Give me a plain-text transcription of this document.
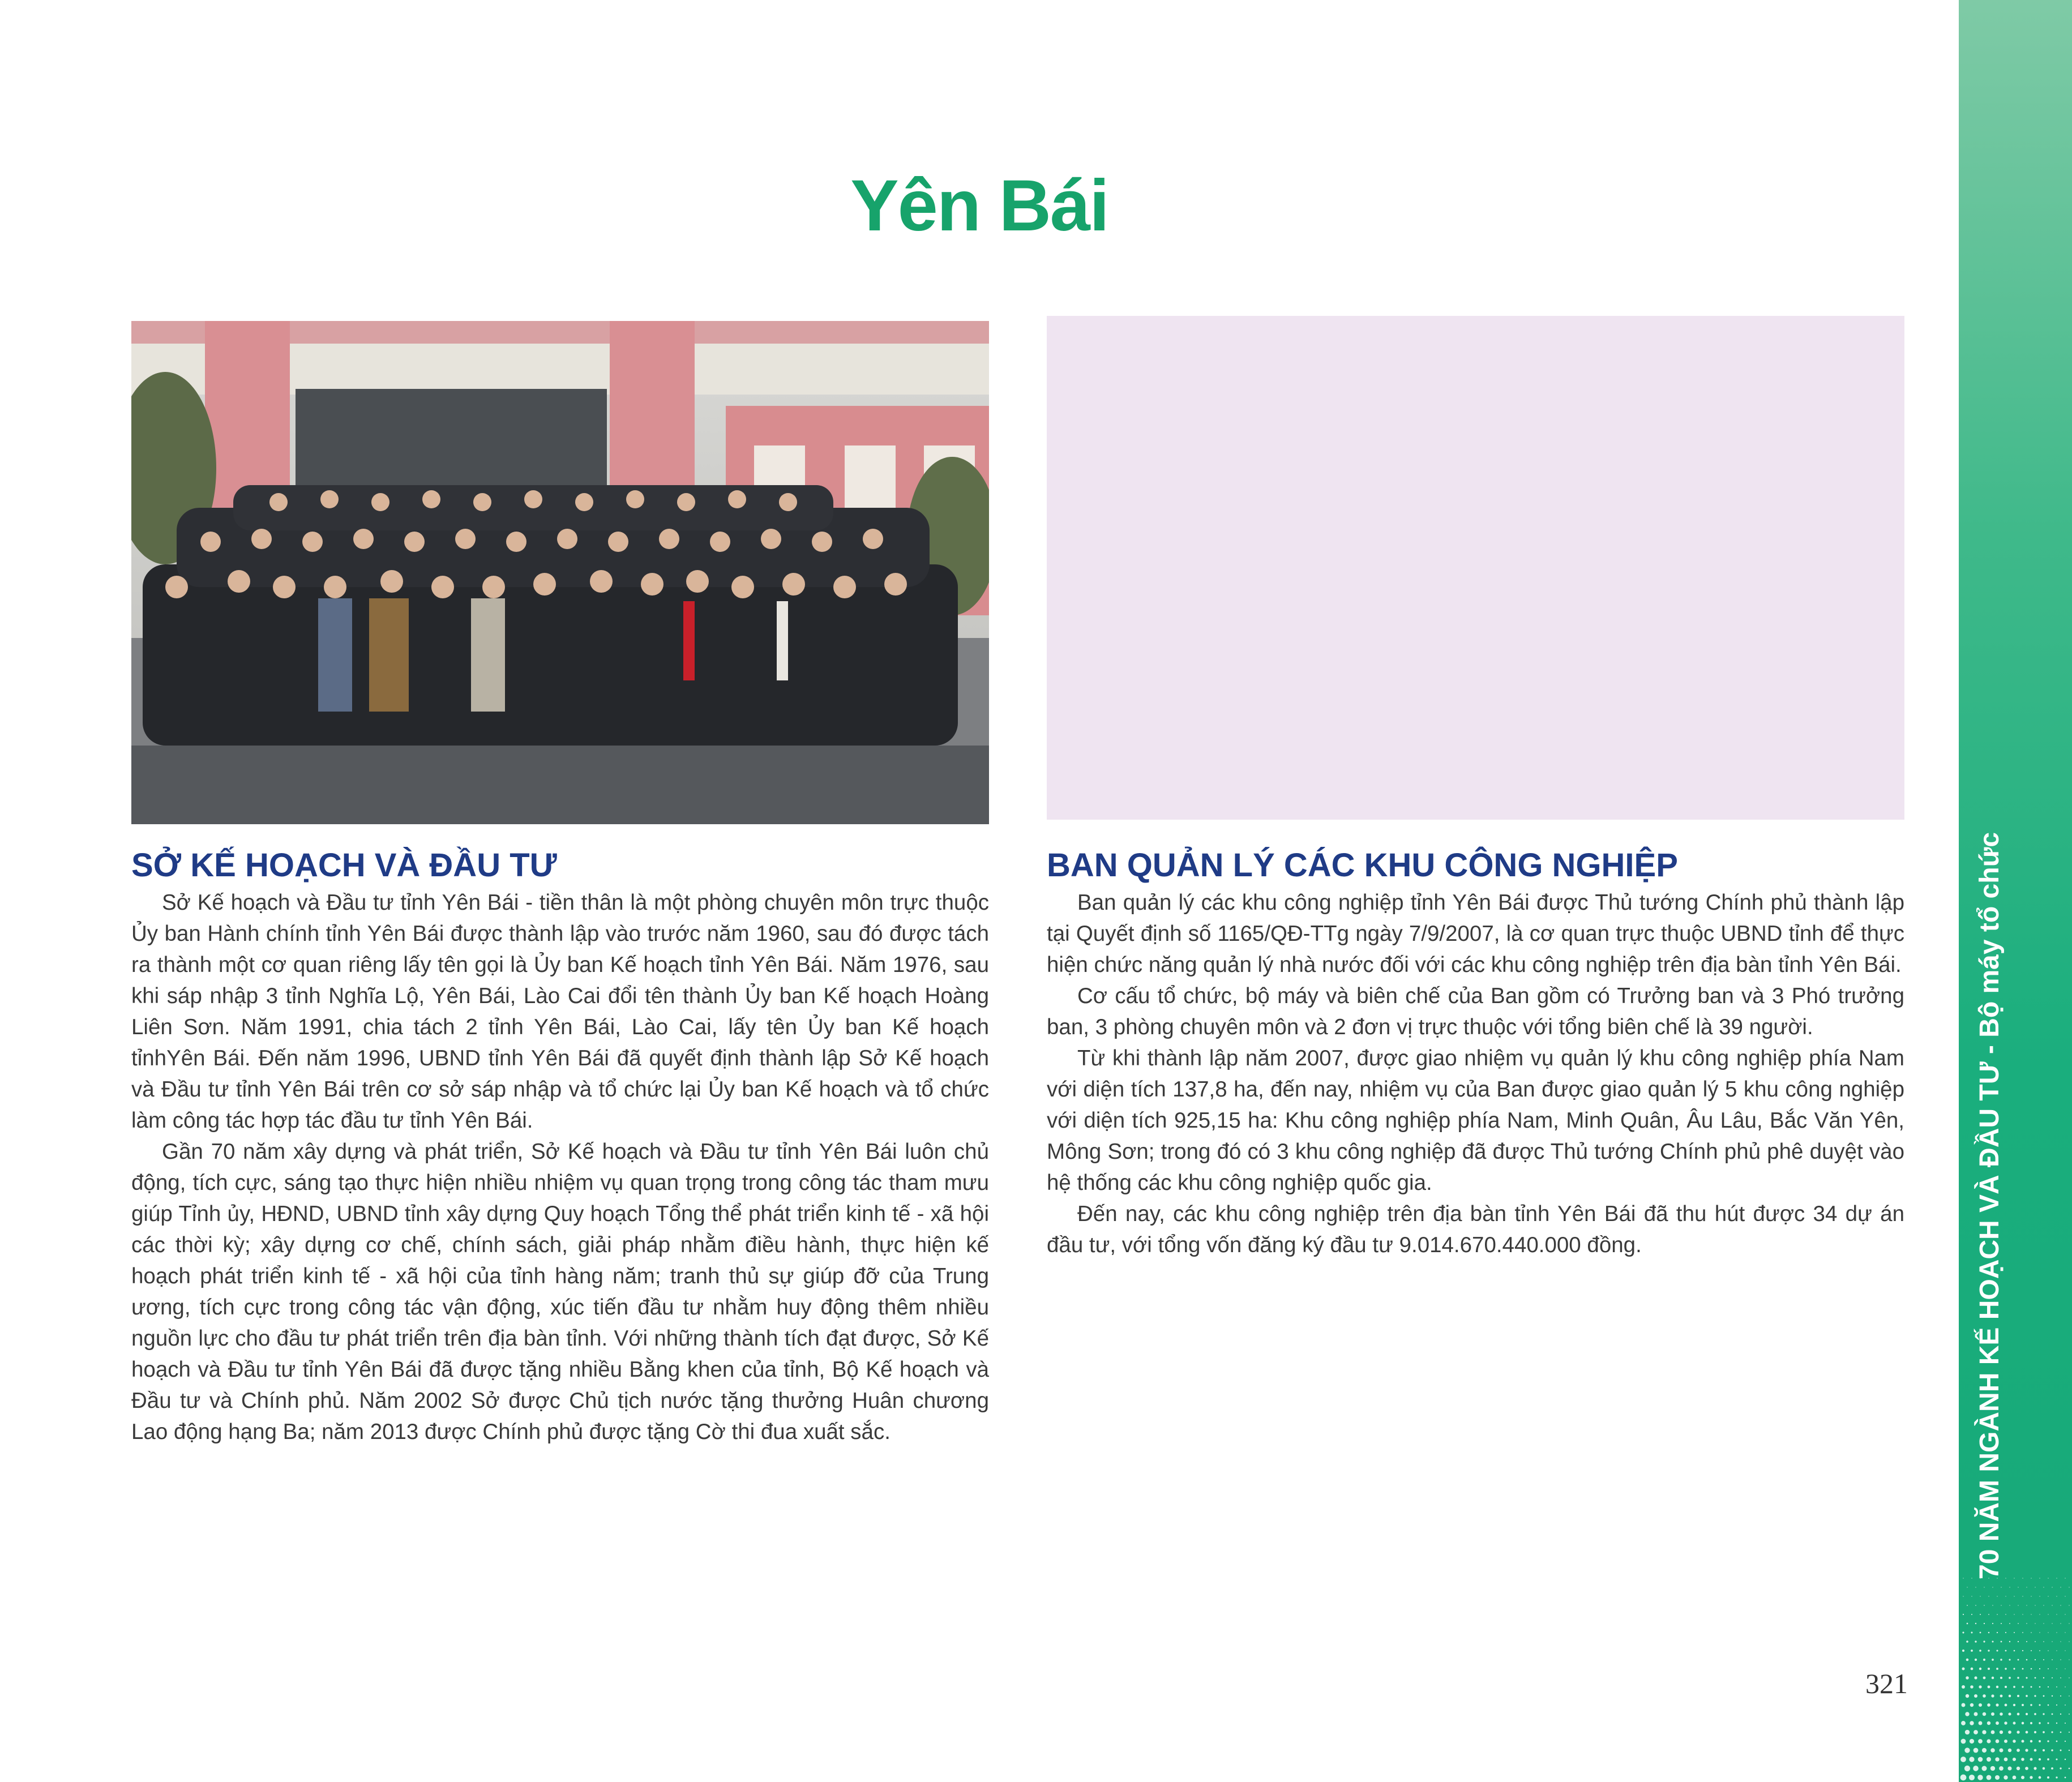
Yên Bái
SỞ KẾ HOẠCH VÀ ĐẦU TƯ	BAN QUẢN LÝ CÁC KHU CÔNG NGHIỆP

Sở Kế hoạch và Đầu tư tỉnh Yên Bái - tiền thân là một phòng chuyên môn trực thuộc Ủy ban Hành chính tỉnh Yên Bái được thành lập vào trước năm 1960, sau đó được tách ra thành một cơ quan riêng lấy tên gọi là Ủy ban Kế hoạch tỉnh Yên Bái. Năm 1976, sau khi sáp nhập 3 tỉnh Nghĩa Lộ, Yên Bái, Lào Cai đổi tên thành Ủy ban Kế hoạch Hoàng Liên Sơn. Năm 1991, chia tách 2 tỉnh Yên Bái, Lào Cai, lấy tên Ủy ban Kế hoạch tỉnhYên Bái. Đến năm 1996, UBND tỉnh Yên Bái đã quyết định thành lập Sở Kế hoạch và Đầu tư tỉnh Yên Bái trên cơ sở sáp nhập và tổ chức lại Ủy ban Kế hoạch và tổ chức làm công tác hợp tác đầu tư tỉnh Yên Bái.

Gần 70 năm xây dựng và phát triển, Sở Kế hoạch và Đầu tư tỉnh Yên Bái luôn chủ động, tích cực, sáng tạo thực hiện nhiều nhiệm vụ quan trọng trong công tác tham mưu giúp Tỉnh ủy, HĐND, UBND tỉnh xây dựng Quy hoạch Tổng thể phát triển kinh tế - xã hội các thời kỳ; xây dựng cơ chế, chính sách, giải pháp nhằm điều hành, thực hiện kế hoạch phát triển kinh tế - xã hội của tỉnh hàng năm; tranh thủ sự giúp đỡ của Trung ương, tích cực trong công tác vận động, xúc tiến đầu tư nhằm huy động thêm nhiều nguồn lực cho đầu tư phát triển trên địa bàn tỉnh. Với những thành tích đạt được, Sở Kế hoạch và Đầu tư tỉnh Yên Bái đã được tặng nhiều Bằng khen của tỉnh, Bộ Kế hoạch và Đầu tư và Chính phủ. Năm 2002 Sở được Chủ tịch nước tặng thưởng Huân chương Lao động hạng Ba; năm 2013 được Chính phủ được tặng Cờ thi đua xuất sắc.

Ban quản lý các khu công nghiệp tỉnh Yên Bái được Thủ tướng Chính phủ thành lập tại Quyết định số 1165/QĐ-TTg ngày 7/9/2007, là cơ quan trực thuộc UBND tỉnh để thực hiện chức năng quản lý nhà nước đối với các khu công nghiệp trên địa bàn tỉnh Yên Bái.

Cơ cấu tổ chức, bộ máy và biên chế của Ban gồm có Trưởng ban và 3 Phó trưởng ban, 3 phòng chuyên môn và 2 đơn vị trực thuộc với tổng biên chế là 39 người.

Từ khi thành lập năm 2007, được giao nhiệm vụ quản lý khu công nghiệp phía Nam với diện tích 137,8 ha, đến nay, nhiệm vụ của Ban được giao quản lý 5 khu công nghiệp với diện tích 925,15 ha: Khu công nghiệp phía Nam, Minh Quân, Âu Lâu, Bắc Văn Yên, Mông Sơn; trong đó có 3 khu công nghiệp đã được Thủ tướng Chính phủ phê duyệt vào hệ thống các khu công nghiệp quốc gia.

Đến nay, các khu công nghiệp trên địa bàn tỉnh Yên Bái đã thu hút được 34 dự án đầu tư, với tổng vốn đăng ký đầu tư 9.014.670.440.000 đồng.	70 NĂM NGÀNH KẾ HOẠCH VÀ ĐẦU TƯ - Bộ máy tổ chức
321
